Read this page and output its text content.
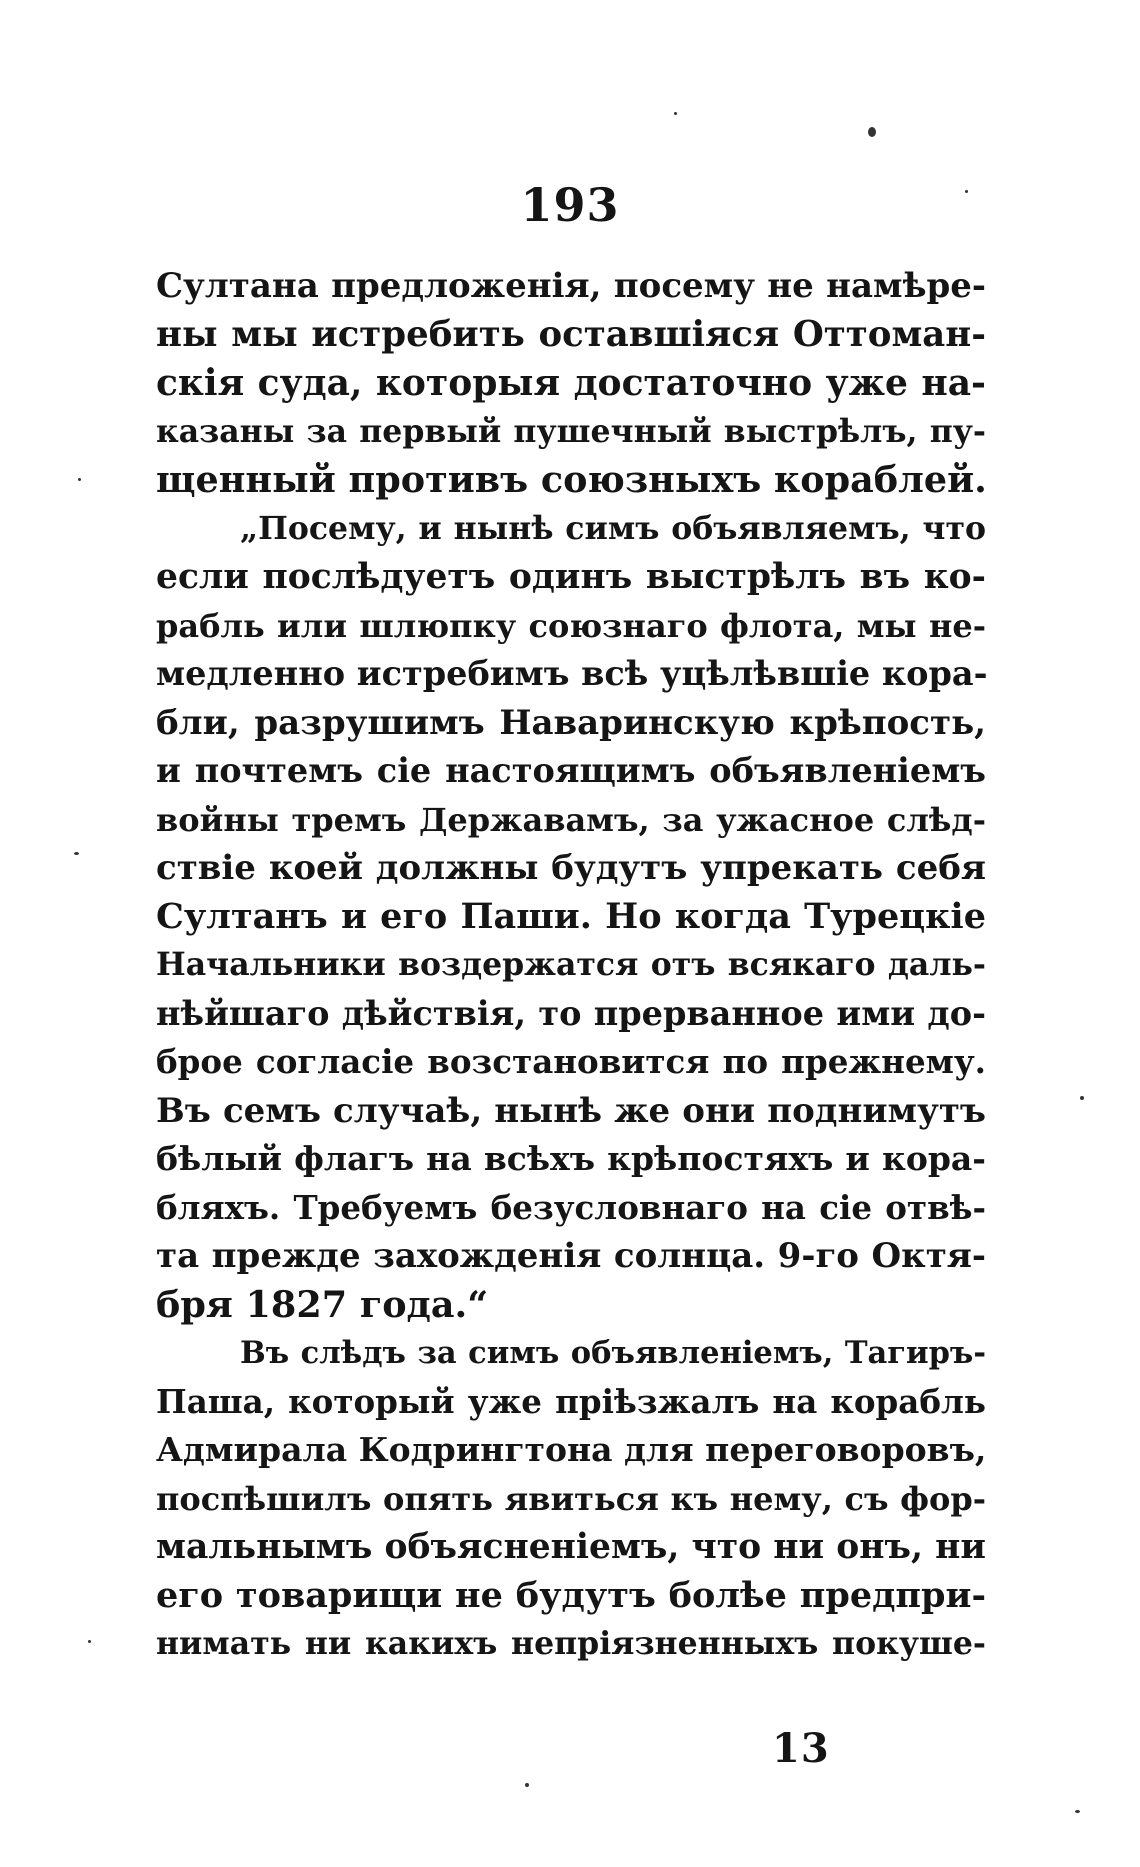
193
Султана предложенія, посему не намѣре-
ны мы истребить оставшіяся Оттоман-
скія суда, которыя достаточно уже на-
казаны за первый пушечный выстрѣлъ, пу-
щенный противъ союзныхъ кораблей.
„Посему, и нынѣ симъ объявляемъ, что
если послѣдуетъ одинъ выстрѣлъ въ ко-
рабль или шлюпку союзнаго флота, мы не-
медленно истребимъ всѣ уцѣлѣвшіе кора-
бли, разрушимъ Наваринскую крѣпость,
и почтемъ сіе настоящимъ объявленіемъ
войны тремъ Державамъ, за ужасное слѣд-
ствіе коей должны будутъ упрекать себя
Султанъ и его Паши. Но когда Турецкіе
Начальники воздержатся отъ всякаго даль-
нѣйшаго дѣйствія, то прерванное ими до-
брое согласіе возстановится по прежнему.
Въ семъ случаѣ, нынѣ же они поднимутъ
бѣлый флагъ на всѣхъ крѣпостяхъ и кора-
бляхъ. Требуемъ безусловнаго на сіе отвѣ-
та прежде захожденія солнца. 9-го Октя-
бря 1827 года.“
Въ слѣдъ за симъ объявленіемъ, Тагиръ-
Паша, который уже пріѣзжалъ на корабль
Адмирала Кодрингтона для переговоровъ,
поспѣшилъ опять явиться къ нему, съ фор-
мальнымъ объясненіемъ, что ни онъ, ни
его товарищи не будутъ болѣе предпри-
нимать ни какихъ непріязненныхъ покуше-
13
